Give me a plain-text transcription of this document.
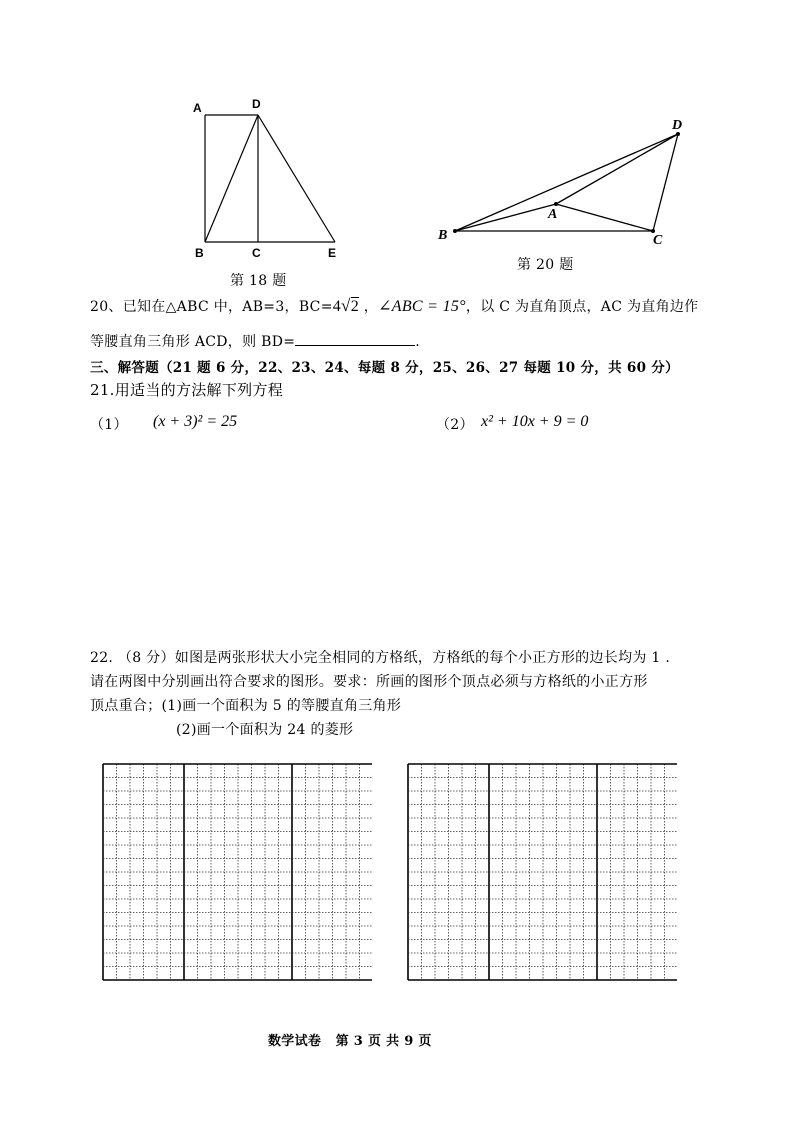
A	D
B	C	E
第 18 题
D
A
B	C
第 20 题
20、已知在△ABC 中，AB=3，BC=4√2 ，∠ABC = 15°，以 C 为直角顶点，AC 为直角边作
等腰直角三角形 ACD，则 BD=	.
三、解答题（21 题 6 分，22、23、24、每题 8 分，25、26、27 每题 10 分，共 60 分）
21.用适当的方法解下列方程
（1） (x + 3)² = 25	（2） x² + 10x + 9 = 0
22. （8 分）如图是两张形状大小完全相同的方格纸，方格纸的每个小正方形的边长均为 1 .
请在两图中分别画出符合要求的图形。要求：所画的图形个顶点必须与方格纸的小正方形
顶点重合；(1)画一个面积为 5 的等腰直角三角形
(2)画一个面积为 24 的菱形
数学试卷   第 3 页 共 9 页
